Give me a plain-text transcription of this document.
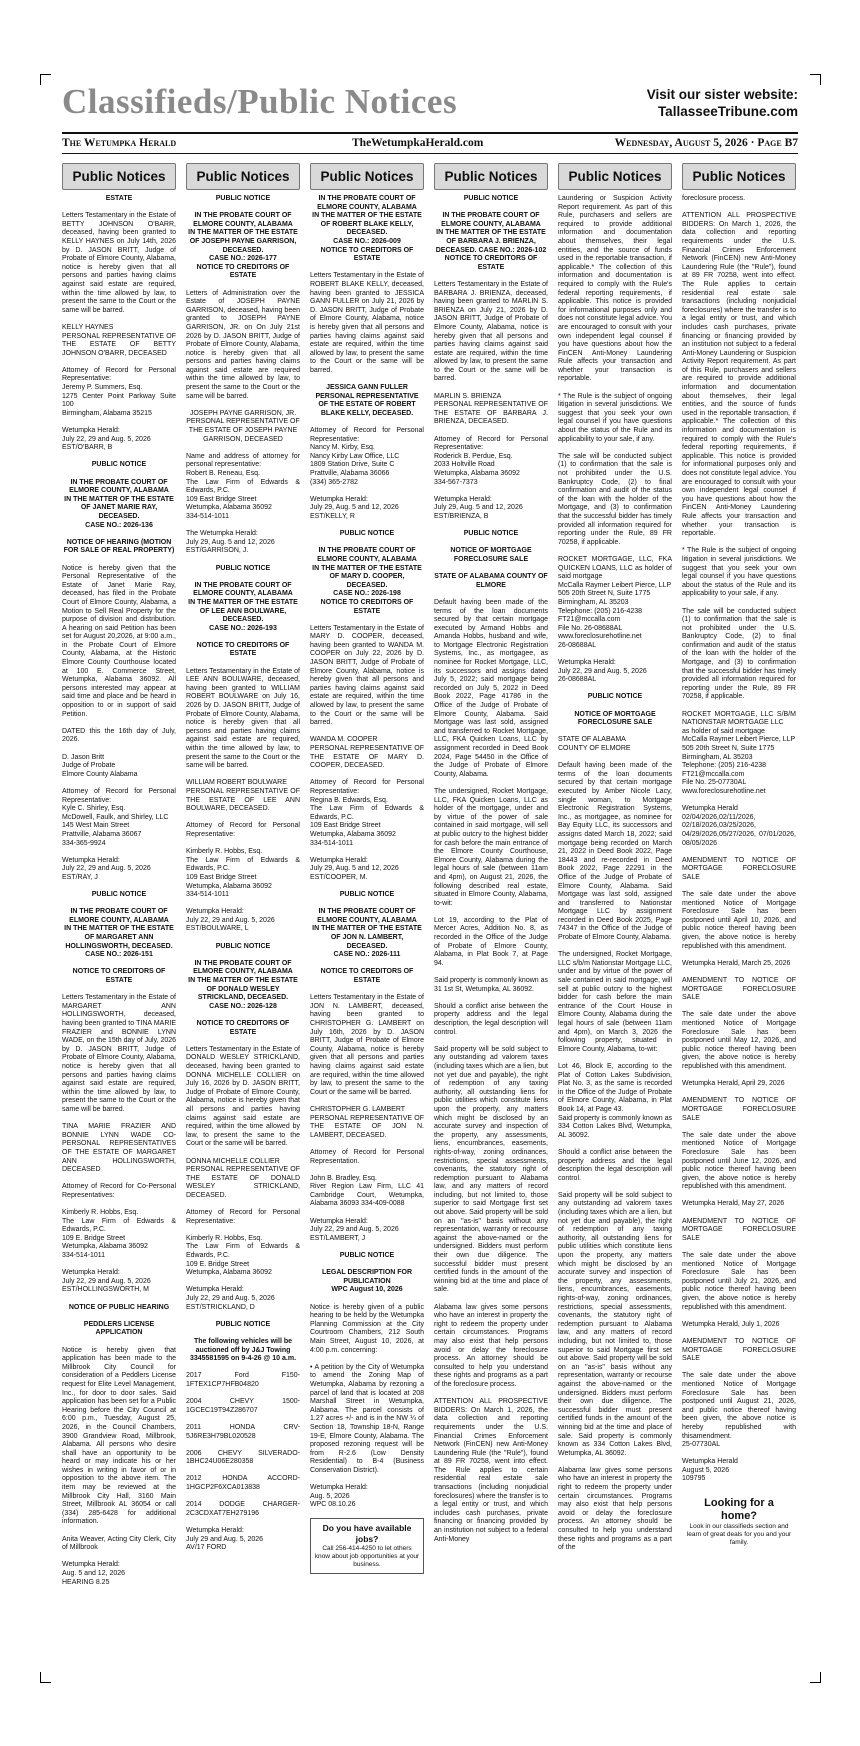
Classifieds/Public Notices	Visit our sister website:
TallasseeTribune.com
The Wetumpka Herald	TheWetumpkaHerald.com	Wednesday, August 5, 2026 · Page B7
Public Notices

ESTATE

Letters Testamentary in the Estate of BETTY JOHNSON O'BARR, deceased, having been granted to KELLY HAYNES on July 14th, 2026 by D. JASON BRITT, Judge of Probate of Elmore County, Alabama, notice is hereby given that all persons and parties having claims against said estate are required, within the time allowed by law, to present the same to the Court or the same will be barred.

KELLY HAYNES
PERSONAL REPRESENTATIVE OF THE ESTATE OF BETTY JOHNSON O'BARR, DECEASED

Attorney of Record for Personal Representative:
Jeremy P. Summers, Esq.
1275 Center Point Parkway Suite 100
Birmingham, Alabama 35215

Wetumpka Herald:
July 22, 29 and Aug. 5, 2026
EST/O'BARR, B

PUBLIC NOTICE

IN THE PROBATE COURT OF ELMORE COUNTY, ALABAMA
IN THE MATTER OF THE ESTATE OF JANET MARIE RAY, DECEASED.
CASE NO.: 2026-136

NOTICE OF HEARING (MOTION FOR SALE OF REAL PROPERTY)

Notice is hereby given that the Personal Representative of the Estate of Janet Marie Ray, deceased, has filed in the Probate Court of Elmore County, Alabama, a Motion to Sell Real Property for the purpose of division and distribution. A hearing on said Petition has been set for August 20,2026, at 9:00 a.m., in the Probate Court of Elmore County, Alabama, at the Historic Elmore County Courthouse located at 100 E. Commerce Street, Wetumpka, Alabama 36092. All persons interested may appear at said time and place and be heard in opposition to or in support of said Petition.

DATED this the 16th day of July, 2026.

D. Jason Britt
Judge of Probate
Elmore County Alabama

Attorney of Record for Personal Representative:
Kyle C. Shirley, Esq.
McDowell, Faulk, and Shirley, LLC
145 West Main Street
Prattville, Alabama 36067
334-365-9924

Wetumpka Herald:
July 22, 29 and Aug. 5, 2026
EST/RAY, J

PUBLIC NOTICE

IN THE PROBATE COURT OF ELMORE COUNTY, ALABAMA
IN THE MATTER OF THE ESTATE OF MARGARET ANN HOLLINGSWORTH, DECEASED.
CASE NO.: 2026-151

NOTICE TO CREDITORS OF ESTATE

Letters Testamentary in the Estate of MARGARET ANN HOLLINGSWORTH, deceased, having been granted to TINA MARIE FRAZIER and BONNIE LYNN WADE, on the 15th day of July, 2026 by D. JASON BRITT, Judge of Probate of Elmore County, Alabama, notice is hereby given that all persons and parties having claims against said estate are required, within the time allowed by law, to present the same to the Court or the same will be barred.

TINA MARIE FRAZIER AND BONNIE LYNN WADE CO-PERSONAL REPRESENTATIVES OF THE ESTATE OF MARGARET ANN HOLLINGSWORTH, DECEASED

Attorney of Record for Co-Personal Representatives:

Kimberly R. Hobbs, Esq.
The Law Firm of Edwards & Edwards, P.C.
109 E. Bridge Street
Wetumpka, Alabama 36092
334-514-1011

Wetumpka Herald:
July 22, 29 and Aug. 5, 2026
EST/HOLLINGSWORTH, M

NOTICE OF PUBLIC HEARING

PEDDLERS LICENSE APPLICATION

Notice is hereby given that application has been made to the Millbrook City Council for consideration of a Peddlers License request for Elite Level Management, Inc., for door to door sales. Said application has been set for a Public Hearing before the City Council at 6:00 p.m., Tuesday, August 25, 2026, in the Council Chambers, 3900 Grandview Road, Millbrook, Alabama. All persons who desire shall have an opportunity to be heard or may indicate his or her wishes in writing in favor of or in opposition to the above item. The item may be reviewed at the Millbrook City Hall, 3160 Main Street, Millbrook AL 36054 or call (334) 285-6428 for additional information.

Anita Weaver, Acting City Clerk, City of Millbrook

Wetumpka Herald:
Aug. 5 and 12, 2026
HEARING 8.25

Public Notices

PUBLIC NOTICE

IN THE PROBATE COURT OF ELMORE COUNTY, ALABAMA
IN THE MATTER OF THE ESTATE OF JOSEPH PAYNE GARRISON, DECEASED.
CASE NO.: 2026-177
NOTICE TO CREDITORS OF ESTATE

Letters of Administration over the Estate of JOSEPH PAYNE GARRISON, deceased, having been granted to JOSEPH PAYNE GARRISON, JR. on On July 21st 2026 by D. JASON BRITT, Judge of Probate of Elmore County, Alabama, notice is hereby given that all persons and parties having claims against said estate are required within the time allowed by law, to present the same to the Court or the same will be barred.

JOSEPH PAYNE GARRISON, JR.
PERSONAL REPRESENTATIVE OF THE ESTATE OF JOSEPH PAYNE GARRISON, DECEASED

Name and address of attorney for personal representative:
Robert B. Reneau, Esq.
The Law Firm of Edwards & Edwards, P.C.
109 East Bridge Street
Wetumpka, Alabama 36092
334-514-1011

The Wetumpka Herald:
July 29, Aug. 5 and 12, 2026
EST/GARRISON, J.

PUBLIC NOTICE

IN THE PROBATE COURT OF ELMORE COUNTY, ALABAMA
IN THE MATTER OF THE ESTATE OF LEE ANN BOULWARE, DECEASED.
CASE NO.: 2026-193

NOTICE TO CREDITORS OF ESTATE

Letters Testamentary in the Estate of LEE ANN BOULWARE, deceased, having been granted to WILLIAM ROBERT BOULWARE on July 16, 2026 by D. JASON BRITT, Judge of Probate of Elmore County, Alabama, notice is hereby given that all persons and parties having claims against said estate are required, within the time allowed by law, to present the same to the Court or the same will be barred.

WILLIAM ROBERT BOULWARE
PERSONAL REPRESENTATIVE OF THE ESTATE OF LEE ANN BOULWARE, DECEASED.

Attorney of Record for Personal Representative:

Kimberly R. Hobbs, Esq.
The Law Firm of Edwards & Edwards, P.C.
109 East Bridge Street
Wetumpka, Alabama 36092
334-514-1011

Wetumpka Herald:
July 22, 29 and Aug. 5, 2026
EST/BOULWARE, L

PUBLIC NOTICE

IN THE PROBATE COURT OF ELMORE COUNTY, ALABAMA
IN THE MATTER OF THE ESTATE OF DONALD WESLEY STRICKLAND, DECEASED.
CASE NO.: 2026-128

NOTICE TO CREDITORS OF ESTATE

Letters Testamentary in the Estate of DONALD WESLEY STRICKLAND, deceased, having been granted to DONNA MICHELLE COLLIER on July 16, 2026 by D. JASON BRITT, Judge of Probate of Elmore County, Alabama, notice is hereby given that all persons and parties having claims against said estate are required, within the time allowed by law, to present the same to the Court or the same will be barred.

DONNA MICHELLE COLLIER
PERSONAL REPRESENTATIVE OF THE ESTATE OF DONALD WESLEY STRICKLAND, DECEASED.

Attorney of Record for Personal Representative:

Kimberly R. Hobbs, Esq.
The Law Firm of Edwards & Edwards, P.C.
109 E. Bridge Street
Wetumpka, Alabama 36092

Wetumpka Herald:
July 22, 29 and Aug. 5, 2026
EST/STRICKLAND, D

PUBLIC NOTICE

The following vehicles will be auctioned off by J&J Towing 3345581595 on 9-4-26 @ 10 a.m.

2017 Ford F150-1FTEX1CP7HFB04820

2004 CHEVY 1500-1GCEC19T94Z286707

2011 HONDA CRV-5J6RE3H79BL020528

2006 CHEVY SILVERADO-1BHC24U06E280358

2012 HONDA ACCORD-1HGCP2F6XCA013838

2014 DODGE CHARGER-2C3CDXAT7EH279196

Wetumpka Herald:
July 29 and Aug. 5, 2026
AV/17 FORD

Public Notices

IN THE PROBATE COURT OF ELMORE COUNTY, ALABAMA
IN THE MATTER OF THE ESTATE OF ROBERT BLAKE KELLY, DECEASED.
CASE NO.: 2026-009
NOTICE TO CREDITORS OF ESTATE

Letters Testamentary in the Estate of ROBERT BLAKE KELLY, deceased, having been granted to JESSICA GANN FULLER on July 21, 2026 by D. JASON BRITT, Judge of Probate of Elmore County, Alabama, notice is hereby given that all persons and parties having claims against said estate are required, within the time allowed by law, to present the same to the Court or the same will be barred.

JESSICA GANN FULLER
PERSONAL REPRESENTATIVE OF THE ESTATE OF ROBERT BLAKE KELLY, DECEASED.

Attorney of Record for Personal Representative:
Nancy M. Kirby, Esq.
Nancy Kirby Law Office, LLC
1809 Station Drive, Suite C
Prattville, Alabama 36066
(334) 365-2782

Wetumpka Herald:
July 29, Aug. 5 and 12, 2026
EST/KELLY, R

PUBLIC NOTICE

IN THE PROBATE COURT OF ELMORE COUNTY, ALABAMA
IN THE MATTER OF THE ESTATE OF MARY D. COOPER, DECEASED.
CASE NO.: 2026-198
NOTICE TO CREDITORS OF ESTATE

Letters Testamentary in the Estate of MARY D. COOPER, deceased, having been granted to WANDA M. COOPER on July 22, 2026 by D. JASON BRITT, Judge of Probate of Elmore County, Alabama, notice is hereby given that all persons and parties having claims against said estate are required, within the time allowed by law, to present the same to the Court or the same will be barred.

WANDA M. COOPER
PERSONAL REPRESENTATIVE OF THE ESTATE OF MARY D. COOPER, DECEASED.

Attorney of Record for Personal Representative:
Regina B. Edwards, Esq.
The Law Firm of Edwards & Edwards, P.C.
109 East Bridge Street
Wetumpka, Alabama 36092
334-514-1011

Wetumpka Herald:
July 29, Aug. 5 and 12, 2026
EST/COOPER, M.

PUBLIC NOTICE

IN THE PROBATE COURT OF ELMORE COUNTY, ALABAMA
IN THE MATTER OF THE ESTATE OF JON N. LAMBERT, DECEASED.
CASE NO.: 2026-111

NOTICE TO CREDITORS OF ESTATE

Letters Testamentary in the Estate of JON N. LAMBERT, deceased, having been granted to CHRISTOPHER G. LAMBERT on July 16th, 2026 by D. JASON BRITT, Judge of Probate of Elmore County, Alabama, notice is hereby given that all persons and parties having claims against said estate are required, within the time allowed by law, to present the same to the Court or the same will be barred.

CHRISTOPHER G. LAMBERT
PERSONAL REPRESENTATIVE OF THE ESTATE OF JON N. LAMBERT, DECEASED.

Attorney of Record for Personal Representation.

John B. Bradley, Esq.
River Region Law Firm, LLC 41 Cambridge Court, Wetumpka, Alabama 36093 334-409-0088

Wetumpka Herald:
July 22, 29 and Aug. 5, 2026
EST/LAMBERT, J

PUBLIC NOTICE

LEGAL DESCRIPTION FOR PUBLICATION
WPC August 10, 2026

Notice is hereby given of a public hearing to be held by the Wetumpka Planning Commission at the City Courtroom Chambers, 212 South Main Street, August 10, 2026, at 4:00 p.m. concerning:

• A petition by the City of Wetumpka to amend the Zoning Map of Wetumpka, Alabama by rezoning a parcel of land that is located at 208 Marshall Street in Wetumpka, Alabama. The parcel consists of 1.27 acres +/- and is in the NW ¼ of Section 18, Township 18-N, Range 19-E, Elmore County, Alabama. The proposed rezoning request will be from R-2.6 (Low Density Residential) to B-4 (Business Conservation District).

Wetumpka Herald:
Aug. 5, 2026
WPC 08.10.26

Do you have available jobs?
Call 256-414-4250 to let others know about job opportunities at your business.
Public Notices

PUBLIC NOTICE

IN THE PROBATE COURT OF ELMORE COUNTY, ALABAMA
IN THE MATTER OF THE ESTATE OF BARBARA J. BRIENZA, DECEASED. CASE NO.: 2026-102
NOTICE TO CREDITORS OF ESTATE

Letters Testamentary in the Estate of BARBARA J. BRIENZA, deceased, having been granted to MARLIN S. BRIENZA on July 21, 2026 by D. JASON BRITT, Judge of Probate of Elmore County, Alabama, notice is hereby given that all persons and parties having claims against said estate are required, within the time allowed by law, to present the same to the Court or the same will be barred.

MARLIN S. BRIENZA
PERSONAL REPRESENTATIVE OF THE ESTATE OF BARBARA J. BRIENZA, DECEASED.

Attorney of Record for Personal Representative:
Roderick B. Perdue, Esq.
2033 Holtville Road
Wetumpka, Alabama 36092
334-567-7373

Wetumpka Herald:
July 29, Aug. 5 and 12, 2026
EST/BRIENZA, B

PUBLIC NOTICE

NOTICE OF MORTGAGE FORECLOSURE SALE

STATE OF ALABAMA COUNTY OF ELMORE

Default having been made of the terms of the loan documents secured by that certain mortgage executed by Armand Hobbs and Amanda Hobbs, husband and wife, to Mortgage Electronic Registration Systems, Inc., as mortgagee, as nominee for Rocket Mortgage, LLC, its successors and assigns dated July 5, 2022; said mortgage being recorded on July 5, 2022 in Deed Book 2022, Page 41786 in the Office of the Judge of Probate of Elmore County, Alabama. Said Mortgage was last sold, assigned and transferred to Rocket Mortgage, LLC, FKA Quicken Loans, LLC by assignment recorded in Deed Book 2024, Page 54450 in the Office of the Judge of Probate of Elmore County, Alabama.

The undersigned, Rocket Mortgage, LLC, FKA Quicken Loans, LLC as holder of the mortgage, under and by virtue of the power of sale contained in said mortgage, will sell at public outcry to the highest bidder for cash before the main entrance of the Elmore County Courthouse, Elmore County, Alabama during the legal hours of sale (between 11am and 4pm), on August 21, 2026, the following described real estate, situated in Elmore County, Alabama, to-wit:

Lot 19, according to the Plat of Mercer Acres, Addition No. 8, as recorded in the Office of the Judge of Probate of Elmore County, Alabama, in Plat Book 7, at Page 94.

Said property is commonly known as 31 1st St, Wetumpka, AL 36092.

Should a conflict arise between the property address and the legal description, the legal description will control.

Said property will be sold subject to any outstanding ad valorem taxes (including taxes which are a lien, but not yet due and payable), the right of redemption of any taxing authority, all outstanding liens for public utilities which constitute liens upon the property, any matters which might be disclosed by an accurate survey and inspection of the property, any assessments, liens, encumbrances, easements, rights-of-way, zoning ordinances, restrictions, special assessments, covenants, the statutory right of redemption pursuant to Alabama law, and any matters of record including, but not limited to, those superior to said Mortgage first set out above. Said property will be sold on an "as-is" basis without any representation, warranty or recourse against the above-named or the undersigned. Bidders must perform their own due diligence. The successful bidder must present certified funds in the amount of the winning bid at the time and place of sale.

Alabama law gives some persons who have an interest in property the right to redeem the property under certain circumstances. Programs may also exist that help persons avoid or delay the foreclosure process. An attorney should be consulted to help you understand these rights and programs as a part of the foreclosure process.

ATTENTION ALL PROSPECTIVE BIDDERS: On March 1, 2026, the data collection and reporting requirements under the U.S. Financial Crimes Enforcement Network (FinCEN) new Anti-Money Laundering Rule (the "Rule"), found at 89 FR 70258, went into effect. The Rule applies to certain residential real estate sale transactions (including nonjudicial foreclosures) where the transfer is to a legal entity or trust, and which includes cash purchases, private financing or financing provided by an institution not subject to a federal Anti-Money

Public Notices

Laundering or Suspicion Activity Report requirement. As part of this Rule, purchasers and sellers are required to provide additional information and documentation about themselves, their legal entities, and the source of funds used in the reportable transaction, if applicable.* The collection of this information and documentation is required to comply with the Rule's federal reporting requirements, if applicable. This notice is provided for informational purposes only and does not constitute legal advice. You are encouraged to consult with your own independent legal counsel if you have questions about how the FinCEN Anti-Money Laundering Rule affects your transaction and whether your transaction is reportable.

* The Rule is the subject of ongoing litigation in several jurisdictions. We suggest that you seek your own legal counsel if you have questions about the status of the Rule and its applicability to your sale, if any.

The sale will be conducted subject (1) to confirmation that the sale is not prohibited under the U.S. Bankruptcy Code, (2) to final confirmation and audit of the status of the loan with the holder of the Mortgage, and (3) to confirmation that the successful bidder has timely provided all information required for reporting under the Rule, 89 FR 70258, if applicable.

ROCKET MORTGAGE, LLC, FKA QUICKEN LOANS, LLC as holder of said mortgage
McCalla Raymer Leibert Pierce, LLP
505 20th Street N, Suite 1775
Birmingham, AL 35203
Telephone: (205) 216-4238
FT21@mccalla.com
File No. 26-08688AL
www.foreclosurehotline.net
26-08688AL

Wetumpka Herald:
July 22, 29 and Aug. 5, 2026
26-08688AL

PUBLIC NOTICE

NOTICE OF MORTGAGE FORECLOSURE SALE

STATE OF ALABAMA
COUNTY OF ELMORE

Default having been made of the terms of the loan documents secured by that certain mortgage executed by Amber Nicole Lacy, single woman, to Mortgage Electronic Registration Systems, Inc., as mortgagee, as nominee for Bay Equity LLC, its successors and assigns dated March 18, 2022; said mortgage being recorded on March 21, 2022 in Deed Book 2022, Page 18443 and re-recorded in Deed Book 2022, Page 22291 in the Office of the Judge of Probate of Elmore County, Alabama. Said Mortgage was last sold, assigned and transferred to Nationstar Mortgage LLC by assignment recorded in Deed Book 2025, Page 74347 in the Office of the Judge of Probate of Elmore County, Alabama.

The undersigned, Rocket Mortgage, LLC s/b/m Nationstar Mortgage LLC, under and by virtue of the power of sale contained in said mortgage, will sell at public outcry to the highest bidder for cash before the main entrance of the Court House in Elmore County, Alabama during the legal hours of sale (between 11am and 4pm), on March 3, 2026 the following property, situated in Elmore County, Alabama, to-wit:

Lot 46, Block E, according to the Plat of Cotton Lakes Subdivision, Plat No. 3, as the same is recorded in the Office of the Judge of Probate of Elmore County, Alabama, in Plat Book 14, at Page 43.
Said property is commonly known as 334 Cotton Lakes Blvd, Wetumpka, AL 36092.

Should a conflict arise between the property address and the legal description the legal description will control.

Said property will be sold subject to any outstanding ad valorem taxes (including taxes which are a lien, but not yet due and payable), the right of redemption of any taxing authority, all outstanding liens for public utilities which constitute liens upon the property, any matters which might be disclosed by an accurate survey and inspection of the property, any assessments, liens, encumbrances, easements, rights-of-way, zoning ordinances, restrictions, special assessments, covenants, the statutory right of redemption pursuant to Alabama law, and any matters of record including, but not limited to, those superior to said Mortgage first set out above. Said property will be sold on an "as-is" basis without any representation, warranty or recourse against the above-named or the undersigned. Bidders must perform their own due diligence. The successful bidder must present certified funds in the amount of the winning bid at the time and place of sale. Said property is commonly known as 334 Cotton Lakes Blvd, Wetumpka, AL 36092.

Alabama law gives some persons who have an interest in property the right to redeem the property under certain circumstances. Programs may also exist that help persons avoid or delay the foreclosure process. An attorney should be consulted to help you understand these rights and programs as a part of the

Public Notices

foreclosure process.

ATTENTION ALL PROSPECTIVE BIDDERS: On March 1, 2026, the data collection and reporting requirements under the U.S. Financial Crimes Enforcement Network (FinCEN) new Anti-Money Laundering Rule (the "Rule"), found at 89 FR 70258, went into effect. The Rule applies to certain residential real estate sale transactions (including nonjudicial foreclosures) where the transfer is to a legal entity or trust, and which includes cash purchases, private financing or financing provided by an institution not subject to a federal Anti-Money Laundering or Suspicion Activity Report requirement. As part of this Rule, purchasers and sellers are required to provide additional information and documentation about themselves, their legal entities, and the source of funds used in the reportable transaction, if applicable.* The collection of this information and documentation is required to comply with the Rule's federal reporting requirements, if applicable. This notice is provided for informational purposes only and does not constitute legal advice. You are encouraged to consult with your own independent legal counsel if you have questions about how the FinCEN Anti-Money Laundering Rule affects your transaction and whether your transaction is reportable.

* The Rule is the subject of ongoing litigation in several jurisdictions. We suggest that you seek your own legal counsel if you have questions about the status of the Rule and its applicability to your sale, if any.

The sale will be conducted subject (1) to confirmation that the sale is not prohibited under the U.S. Bankruptcy Code, (2) to final confirmation and audit of the status of the loan with the holder of the Mortgage, and (3) to confirmation that the successful bidder has timely provided all information required for reporting under the Rule, 89 FR 70258, if applicable.

ROCKET MORTGAGE, LLC S/B/M NATIONSTAR MORTGAGE LLC
as holder of said mortgage
McCalla Raymer Leibert Pierce, LLP
505 20th Street N, Suite 1775
Birmingham, AL 35203
Telephone: (205) 216-4238
FT21@mccalla.com
File No. 25-07730AL
www.foreclosurehotline.net

Wetumpka Herald
02/04/2026,02/11/2026, 02/18/2026,03/25/2026, 04/29/2026,05/27/2026, 07/01/2026, 08/05/2026

AMENDMENT TO NOTICE OF MORTGAGE FORECLOSURE SALE

The sale date under the above mentioned Notice of Mortgage Foreclosure Sale has been postponed until April 10, 2026, and public notice thereof having been given, the above notice is hereby republished with this amendment.

Wetumpka Herald, March 25, 2026

AMENDMENT TO NOTICE OF MORTGAGE FORECLOSURE SALE

The sale date under the above mentioned Notice of Mortgage Foreclosure Sale has been postponed until May 12, 2026, and public notice thereof having been given, the above notice is hereby republished with this amendment.

Wetumpka Herald, April 29, 2026

AMENDMENT TO NOTICE OF MORTGAGE FORECLOSURE SALE

The sale date under the above mentioned Notice of Mortgage Foreclosure Sale has been postponed until June 12, 2026, and public notice thereof having been given, the above notice is hereby republished with this amendment.

Wetumpka Herald, May 27, 2026

AMENDMENT TO NOTICE OF MORTGAGE FORECLOSURE SALE

The sale date under the above mentioned Notice of Mortgage Foreclosure Sale has been postponed until July 21, 2026, and public notice thereof having been given, the above notice is hereby republished with this amendment.

Wetumpka Herald, July 1, 2026

AMENDMENT TO NOTICE OF MORTGAGE FORECLOSURE SALE

The sale date under the above mentioned Notice of Mortgage Foreclosure Sale has been postponed until August 21, 2026, and public notice thereof having been given, the above notice is hereby republished with thisamendment.
25-07730AL

Wetumpka Herald
August 5, 2026
109795

Looking for a home?
Look in our classifieds section and learn of great deals for you and your family.
